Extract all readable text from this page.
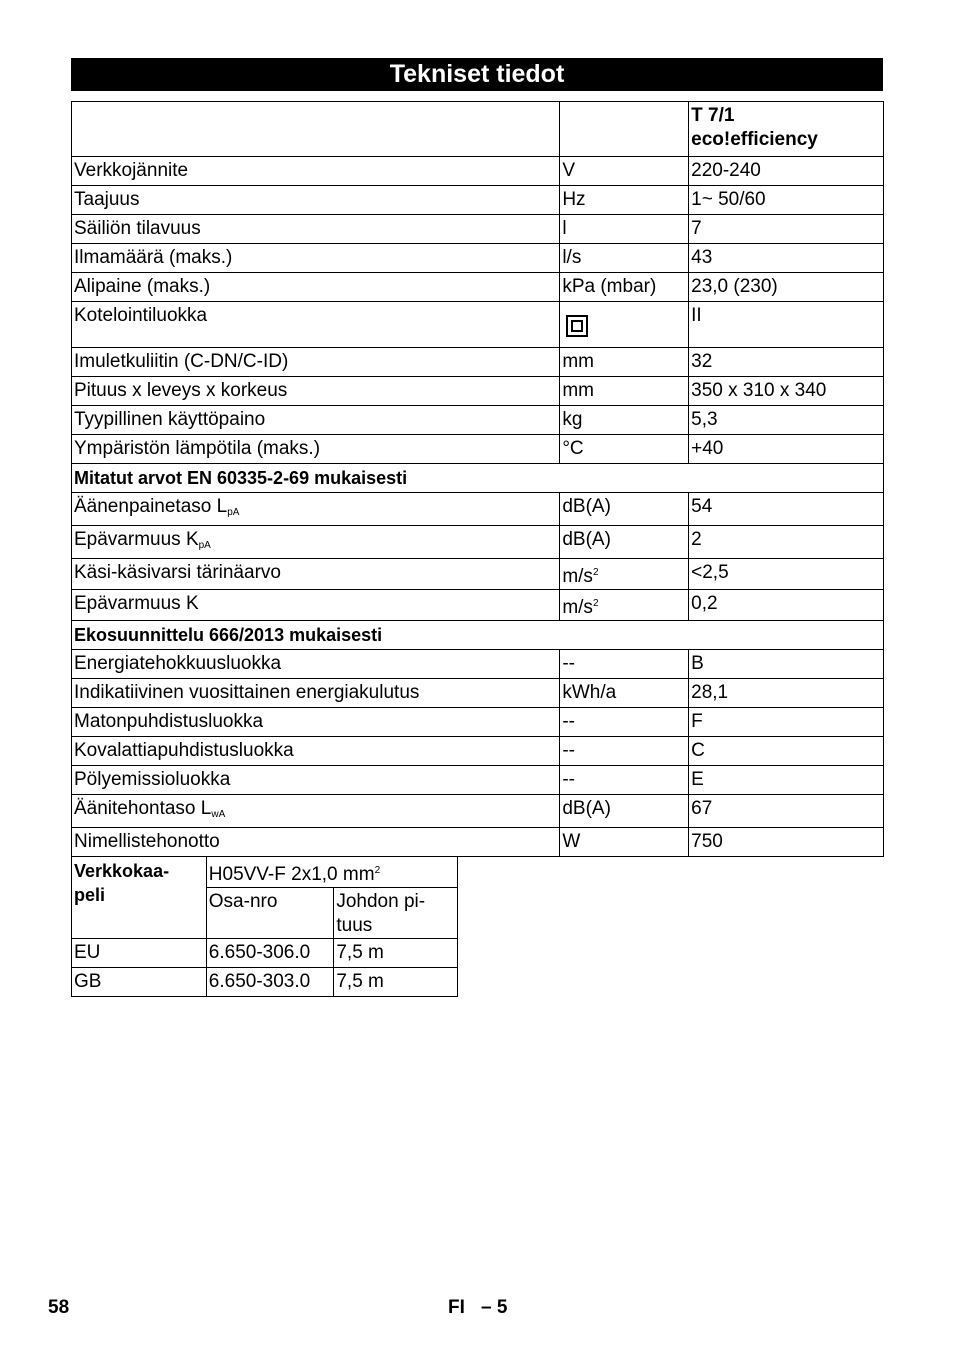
Tekniset tiedot
		T 7/1
eco!efficiency
Verkkojännite	V	220-240
Taajuus	Hz	1~ 50/60
Säiliön tilavuus	l	7
Ilmamäärä (maks.)	l/s	43
Alipaine (maks.)	kPa (mbar)	23,0 (230)
Kotelointiluokka		II
Imuletkuliitin (C-DN/C-ID)	mm	32
Pituus x leveys x korkeus	mm	350 x 310 x 340
Tyypillinen käyttöpaino	kg	5,3
Ympäristön lämpötila (maks.)	°C	+40
Mitatut arvot EN 60335-2-69 mukaisesti		
Äänenpainetaso $L_{pA}$	dB(A)	54
Epävarmuus $K_{pA}$	dB(A)	2
Käsi-käsivarsi tärinäarvo	$m/s^2$	<2,5
Epävarmuus K	$m/s^2$	0,2
Ekosuunnittelu 666/2013 mukaisesti		
Energiatehokkuusluokka	--	B
Indikatiivinen vuosittainen energiakulutus	kWh/a	28,1
Matonpuhdistusluokka	--	F
Kovalattiapuhdistusluokka	--	C
Pölyemissioluokka	--	E
Äänitehontaso $L_{wA}$	dB(A)	67
Nimellistehonotto	W	750
Verkkokaa-
peli	H05VV-F 2x1,0 $mm^2$
	Osa-nro	Johdon pi-
tuus
EU	6.650-306.0	7,5 m
GB	6.650-303.0	7,5 m
58	FI – 5
